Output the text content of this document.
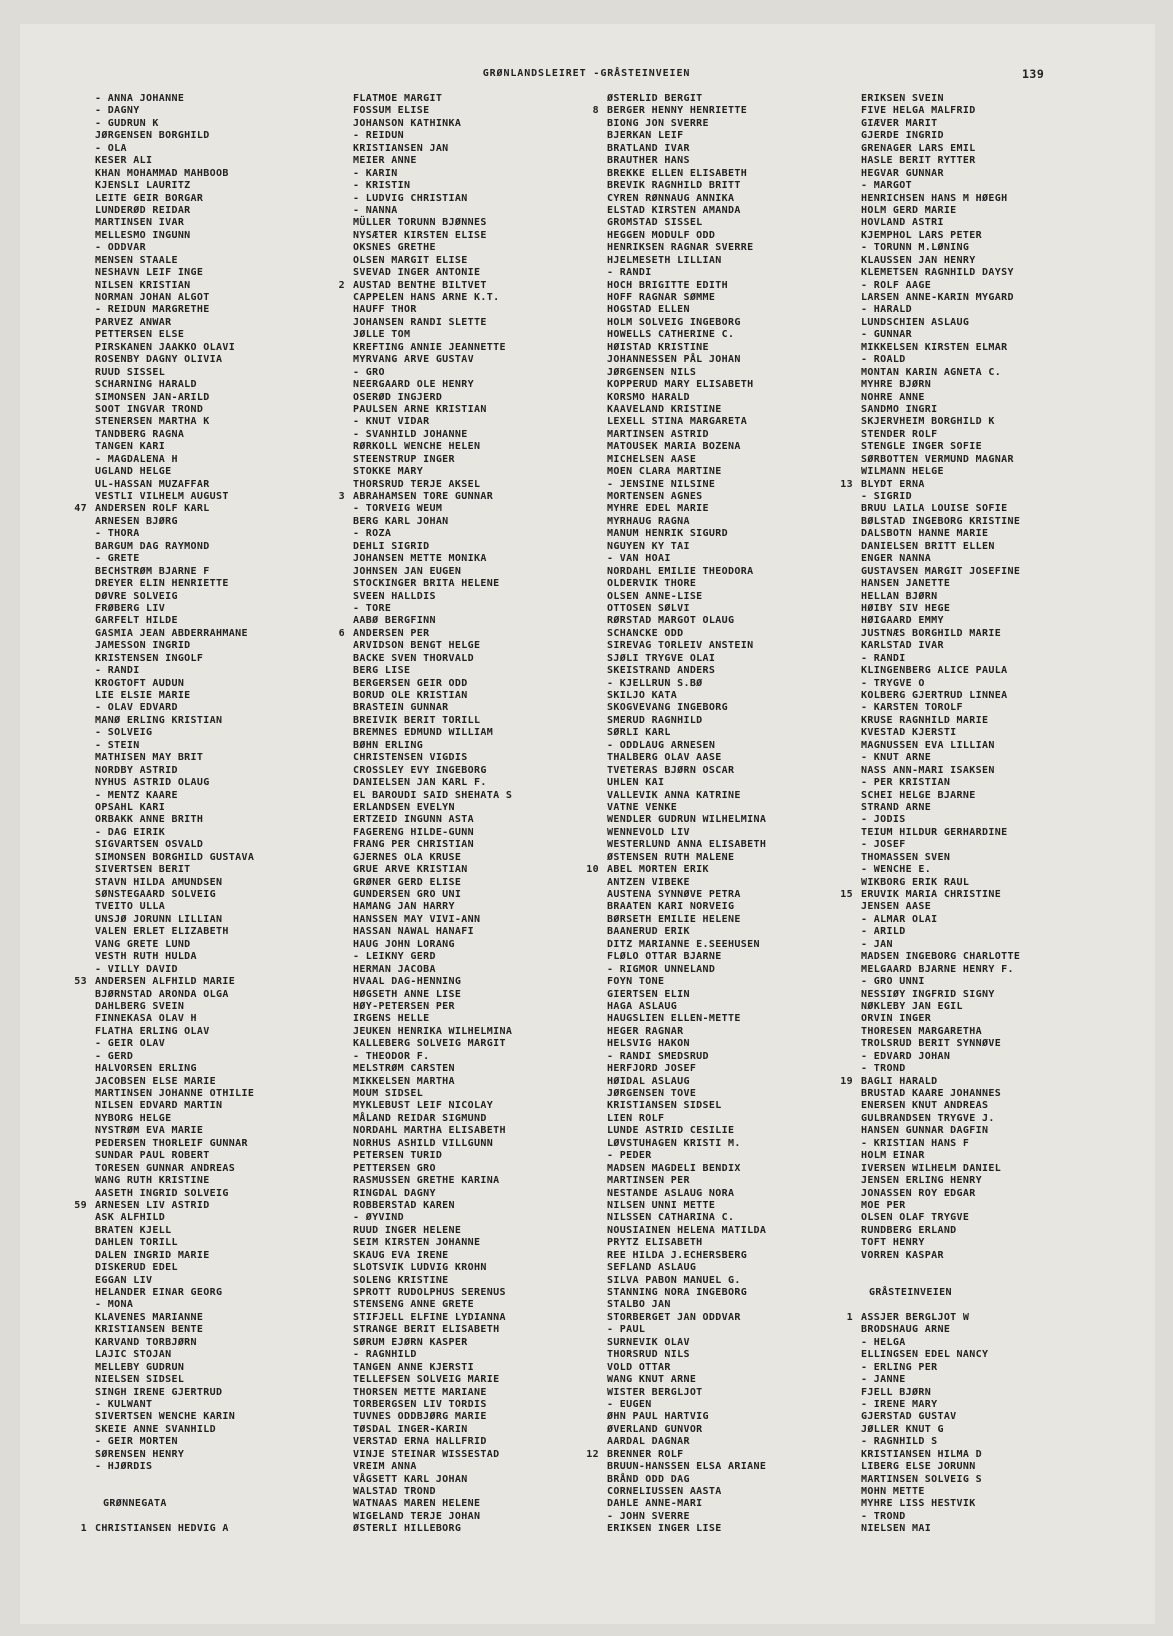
GRØNLANDSLEIRET -GRÅSTEINVEIEN	139
- ANNA JOHANNE
- DAGNY
- GUDRUN K
JØRGENSEN BORGHILD
- OLA
KESER ALI
KHAN MOHAMMAD MAHBOOB
KJENSLI LAURITZ
LEITE GEIR BORGAR
LUNDERØD REIDAR
MARTINSEN IVAR
MELLESMO INGUNN
- ODDVAR
MENSEN STAALE
NESHAVN LEIF INGE
NILSEN KRISTIAN
NORMAN JOHAN ALGOT
- REIDUN MARGRETHE
PARVEZ ANWAR
PETTERSEN ELSE
PIRSKANEN JAAKKO OLAVI
ROSENBY DAGNY OLIVIA
RUUD SISSEL
SCHARNING HARALD
SIMONSEN JAN-ARILD
SOOT INGVAR TROND
STENERSEN MARTHA K
TANDBERG RAGNA
TANGEN KARI
- MAGDALENA H
UGLAND HELGE
UL-HASSAN MUZAFFAR
VESTLI VILHELM AUGUST
47 ANDERSEN ROLF KARL
ARNESEN BJØRG
- THORA
BARGUM DAG RAYMOND
- GRETE
BECHSTRØM BJARNE F
DREYER ELIN HENRIETTE
DØVRE SOLVEIG
FRØBERG LIV
GARFELT HILDE
GASMIA JEAN ABDERRAHMANE
JAMESSON INGRID
KRISTENSEN INGOLF
- RANDI
KROGTOFT AUDUN
LIE ELSIE MARIE
- OLAV EDVARD
MANØ ERLING KRISTIAN
- SOLVEIG
- STEIN
MATHISEN MAY BRIT
NORDBY ASTRID
NYHUS ASTRID OLAUG
- MENTZ KAARE
OPSAHL KARI
ORBAKK ANNE BRITH
- DAG EIRIK
SIGVARTSEN OSVALD
SIMONSEN BORGHILD GUSTAVA
SIVERTSEN BERIT
STAVN HILDA AMUNDSEN
SØNSTEGAARD SOLVEIG
TVEITO ULLA
UNSJØ JORUNN LILLIAN
VALEN ERLET ELIZABETH
VANG GRETE LUND
VESTH RUTH HULDA
- VILLY DAVID
53 ANDERSEN ALFHILD MARIE
BJØRNSTAD ARONDA OLGA
DAHLBERG SVEIN
FINNEKASA OLAV H
FLATHA ERLING OLAV
- GEIR OLAV
- GERD
HALVORSEN ERLING
JACOBSEN ELSE MARIE
MARTINSEN JOHANNE OTHILIE
NILSEN EDVARD MARTIN
NYBORG HELGE
NYSTRØM EVA MARIE
PEDERSEN THORLEIF GUNNAR
SUNDAR PAUL ROBERT
TORESEN GUNNAR ANDREAS
WANG RUTH KRISTINE
AASETH INGRID SOLVEIG
59 ARNESEN LIV ASTRID
ASK ALFHILD
BRATEN KJELL
DAHLEN TORILL
DALEN INGRID MARIE
DISKERUD EDEL
EGGAN LIV
HELANDER EINAR GEORG
- MONA
KLAVENES MARIANNE
KRISTIANSEN BENTE
KARVAND TORBJØRN
LAJIC STOJAN
MELLEBY GUDRUN
NIELSEN SIDSEL
SINGH IRENE GJERTRUD
- KULWANT
SIVERTSEN WENCHE KARIN
SKEIE ANNE SVANHILD
- GEIR MORTEN
SØRENSEN HENRY
- HJØRDIS
GRØNNEGATA
1 CHRISTIANSEN HEDVIG A
FLATMOE MARGIT
FOSSUM ELISE
JOHANSON KATHINKA
- REIDUN
KRISTIANSEN JAN
MEIER ANNE
- KARIN
- KRISTIN
- LUDVIG CHRISTIAN
- NANNA
MÜLLER TORUNN BJØNNES
NYSÆTER KIRSTEN ELISE
OKSNES GRETHE
OLSEN MARGIT ELISE
SVEVAD INGER ANTONIE
2 AUSTAD BENTHE BILTVET
CAPPELEN HANS ARNE K.T.
HAUFF THOR
JOHANSEN RANDI SLETTE
JØLLE TOM
KREFTING ANNIE JEANNETTE
MYRVANG ARVE GUSTAV
- GRO
NEERGAARD OLE HENRY
OSERØD INGJERD
PAULSEN ARNE KRISTIAN
- KNUT VIDAR
- SVANHILD JOHANNE
RØRKOLL WENCHE HELEN
STEENSTRUP INGER
STOKKE MARY
THORSRUD TERJE AKSEL
3 ABRAHAMSEN TORE GUNNAR
- TORVEIG WEUM
BERG KARL JOHAN
- ROZA
DEHLI SIGRID
JOHANSEN METTE MONIKA
JOHNSEN JAN EUGEN
STOCKINGER BRITA HELENE
SVEEN HALLDIS
- TORE
AABØ BERGFINN
6 ANDERSEN PER
ARVIDSON BENGT HELGE
BACKE SVEN THORVALD
BERG LISE
BERGERSEN GEIR ODD
BORUD OLE KRISTIAN
BRASTEIN GUNNAR
BREIVIK BERIT TORILL
BREMNES EDMUND WILLIAM
BØHN ERLING
CHRISTENSEN VIGDIS
CROSSLEY EVY INGEBORG
DANIELSEN JAN KARL F.
EL BAROUDI SAID SHEHATA S
ERLANDSEN EVELYN
ERTZEID INGUNN ASTA
FAGERENG HILDE-GUNN
FRANG PER CHRISTIAN
GJERNES OLA KRUSE
GRUE ARVE KRISTIAN
GRØNER GERD ELISE
GUNDERSEN GRO UNI
HAMANG JAN HARRY
HANSSEN MAY VIVI-ANN
HASSAN NAWAL HANAFI
HAUG JOHN LORANG
- LEIKNY GERD
HERMAN JACOBA
HVAAL DAG-HENNING
HØGSETH ANNE LISE
HØY-PETERSEN PER
IRGENS HELLE
JEUKEN HENRIKA WILHELMINA
KALLEBERG SOLVEIG MARGIT
- THEODOR F.
MELSTRØM CARSTEN
MIKKELSEN MARTHA
MOUM SIDSEL
MYKLEBUST LEIF NICOLAY
MÅLAND REIDAR SIGMUND
NORDAHL MARTHA ELISABETH
NORHUS ASHILD VILLGUNN
PETERSEN TURID
PETTERSEN GRO
RASMUSSEN GRETHE KARINA
RINGDAL DAGNY
ROBBERSTAD KAREN
- ØYVIND
RUUD INGER HELENE
SEIM KIRSTEN JOHANNE
SKAUG EVA IRENE
SLOTSVIK LUDVIG KROHN
SOLENG KRISTINE
SPROTT RUDOLPHUS SERENUS
STENSENG ANNE GRETE
STIFJELL ELFINE LYDIANNA
STRANGE BERIT ELISABETH
SØRUM EJØRN KASPER
- RAGNHILD
TANGEN ANNE KJERSTI
TELLEFSEN SOLVEIG MARIE
THORSEN METTE MARIANE
TORBERGSEN LIV TORDIS
TUVNES ODDBJØRG MARIE
TØSDAL INGER-KARIN
VERSTAD ERNA HALLFRID
VINJE STEINAR WISSESTAD
VREIM ANNA
VÅGSETT KARL JOHAN
WALSTAD TROND
WATNAAS MAREN HELENE
WIGELAND TERJE JOHAN
ØSTERLI HILLEBORG
ØSTERLID BERGIT
8 BERGER HENNY HENRIETTE
BIONG JON SVERRE
BJERKAN LEIF
BRATLAND IVAR
BRAUTHER HANS
BREKKE ELLEN ELISABETH
BREVIK RAGNHILD BRITT
CYREN RØNNAUG ANNIKA
ELSTAD KIRSTEN AMANDA
GROMSTAD SISSEL
HEGGEN MODULF ODD
HENRIKSEN RAGNAR SVERRE
HJELMESETH LILLIAN
- RANDI
HOCH BRIGITTE EDITH
HOFF RAGNAR SØMME
HOGSTAD ELLEN
HOLM SOLVEIG INGEBORG
HOWELLS CATHERINE C.
HØISTAD KRISTINE
JOHANNESSEN PÅL JOHAN
JØRGENSEN NILS
KOPPERUD MARY ELISABETH
KORSMO HARALD
KAAVELAND KRISTINE
LEXELL STINA MARGARETA
MARTINSEN ASTRID
MATOUSEK MARIA BOZENA
MICHELSEN AASE
MOEN CLARA MARTINE
- JENSINE NILSINE
MORTENSEN AGNES
MYHRE EDEL MARIE
MYRHAUG RAGNA
MANUM HENRIK SIGURD
NGUYEN KY TAI
- VAN HOAI
NORDAHL EMILIE THEODORA
OLDERVIK THORE
OLSEN ANNE-LISE
OTTOSEN SØLVI
RØRSTAD MARGOT OLAUG
SCHANCKE ODD
SIREVAG TORLEIV ANSTEIN
SJØLI TRYGVE OLAI
SKEISTRAND ANDERS
- KJELLRUN S.BØ
SKILJO KATA
SKOGVEVANG INGEBORG
SMERUD RAGNHILD
SØRLI KARL
- ODDLAUG ARNESEN
THALBERG OLAV AASE
TVETERAS BJØRN OSCAR
UHLEN KAI
VALLEVIK ANNA KATRINE
VATNE VENKE
WENDLER GUDRUN WILHELMINA
WENNEVOLD LIV
WESTERLUND ANNA ELISABETH
ØSTENSEN RUTH MALENE
10 ABEL MORTEN ERIK
ANTZEN VIBEKE
AUSTENA SYNNØVE PETRA
BRAATEN KARI NORVEIG
BØRSETH EMILIE HELENE
BAANERUD ERIK
DITZ MARIANNE E.SEEHUSEN
FLØLO OTTAR BJARNE
- RIGMOR UNNELAND
FOYN TONE
GIERTSEN ELIN
HAGA ASLAUG
HAUGSLIEN ELLEN-METTE
HEGER RAGNAR
HELSVIG HAKON
- RANDI SMEDSRUD
HERFJORD JOSEF
HØIDAL ASLAUG
JØRGENSEN TOVE
KRISTIANSEN SIDSEL
LIEN ROLF
LUNDE ASTRID CESILIE
LØVSTUHAGEN KRISTI M.
- PEDER
MADSEN MAGDELI BENDIX
MARTINSEN PER
NESTANDE ASLAUG NORA
NILSEN UNNI METTE
NILSSEN CATHARINA C.
NOUSIAINEN HELENA MATILDA
PRYTZ ELISABETH
REE HILDA J.ECHERSBERG
SEFLAND ASLAUG
SILVA PABON MANUEL G.
STANNING NORA INGEBORG
STALBO JAN
STORBERGET JAN ODDVAR
- PAUL
SURNEVIK OLAV
THORSRUD NILS
VOLD OTTAR
WANG KNUT ARNE
WISTER BERGLJOT
- EUGEN
ØHN PAUL HARTVIG
ØVERLAND GUNVOR
AARDAL DAGNAR
12 BRENNER ROLF
BRUUN-HANSSEN ELSA ARIANE
BRÅND ODD DAG
CORNELIUSSEN AASTA
DAHLE ANNE-MARI
- JOHN SVERRE
ERIKSEN INGER LISE
ERIKSEN SVEIN
FIVE HELGA MALFRID
GIÆVER MARIT
GJERDE INGRID
GRENAGER LARS EMIL
HASLE BERIT RYTTER
HEGVAR GUNNAR
- MARGOT
HENRICHSEN HANS M HØEGH
HOLM GERD MARIE
HOVLAND ASTRI
KJEMPHOL LARS PETER
- TORUNN M.LØNING
KLAUSSEN JAN HENRY
KLEMETSEN RAGNHILD DAYSY
- ROLF AAGE
LARSEN ANNE-KARIN MYGARD
- HARALD
LUNDSCHIEN ASLAUG
- GUNNAR
MIKKELSEN KIRSTEN ELMAR
- ROALD
MONTAN KARIN AGNETA C.
MYHRE BJØRN
NOHRE ANNE
SANDMO INGRI
SKJERVHEIM BORGHILD K
STENDER ROLF
STENGLE INGER SOFIE
SØRBOTTEN VERMUND MAGNAR
WILMANN HELGE
13 BLYDT ERNA
- SIGRID
BRUU LAILA LOUISE SOFIE
BØLSTAD INGEBORG KRISTINE
DALSBOTN HANNE MARIE
DANIELSEN BRITT ELLEN
ENGER NANNA
GUSTAVSEN MARGIT JOSEFINE
HANSEN JANETTE
HELLAN BJØRN
HØIBY SIV HEGE
HØIGAARD EMMY
JUSTNÆS BORGHILD MARIE
KARLSTAD IVAR
- RANDI
KLINGENBERG ALICE PAULA
- TRYGVE O
KOLBERG GJERTRUD LINNEA
- KARSTEN TOROLF
KRUSE RAGNHILD MARIE
KVESTAD KJERSTI
MAGNUSSEN EVA LILLIAN
- KNUT ARNE
NASS ANN-MARI ISAKSEN
- PER KRISTIAN
SCHEI HELGE BJARNE
STRAND ARNE
- JODIS
TEIUM HILDUR GERHARDINE
- JOSEF
THOMASSEN SVEN
- WENCHE E.
WIKBORG ERIK RAUL
15 ERUVIK MARIA CHRISTINE
JENSEN AASE
- ALMAR OLAI
- ARILD
- JAN
MADSEN INGEBORG CHARLOTTE
MELGAARD BJARNE HENRY F.
- GRO UNNI
NESSIØY INGFRID SIGNY
NØKLEBY JAN EGIL
ORVIN INGER
THORESEN MARGARETHA
TROLSRUD BERIT SYNNØVE
- EDVARD JOHAN
- TROND
19 BAGLI HARALD
BRUSTAD KAARE JOHANNES
ENERSEN KNUT ANDREAS
GULBRANDSEN TRYGVE J.
HANSEN GUNNAR DAGFIN
- KRISTIAN HANS F
HOLM EINAR
IVERSEN WILHELM DANIEL
JENSEN ERLING HENRY
JONASSEN ROY EDGAR
MOE PER
OLSEN OLAF TRYGVE
RUNDBERG ERLAND
TOFT HENRY
VORREN KASPAR
GRÅSTEINVEIEN
1 ASSJER BERGLJOT W
BRODSHAUG ARNE
- HELGA
ELLINGSEN EDEL NANCY
- ERLING PER
- JANNE
FJELL BJØRN
- IRENE MARY
GJERSTAD GUSTAV
JØLLER KNUT G
- RAGNHILD S
KRISTIANSEN HILMA D
LIBERG ELSE JORUNN
MARTINSEN SOLVEIG S
MOHN METTE
MYHRE LISS HESTVIK
- TROND
NIELSEN MAI
